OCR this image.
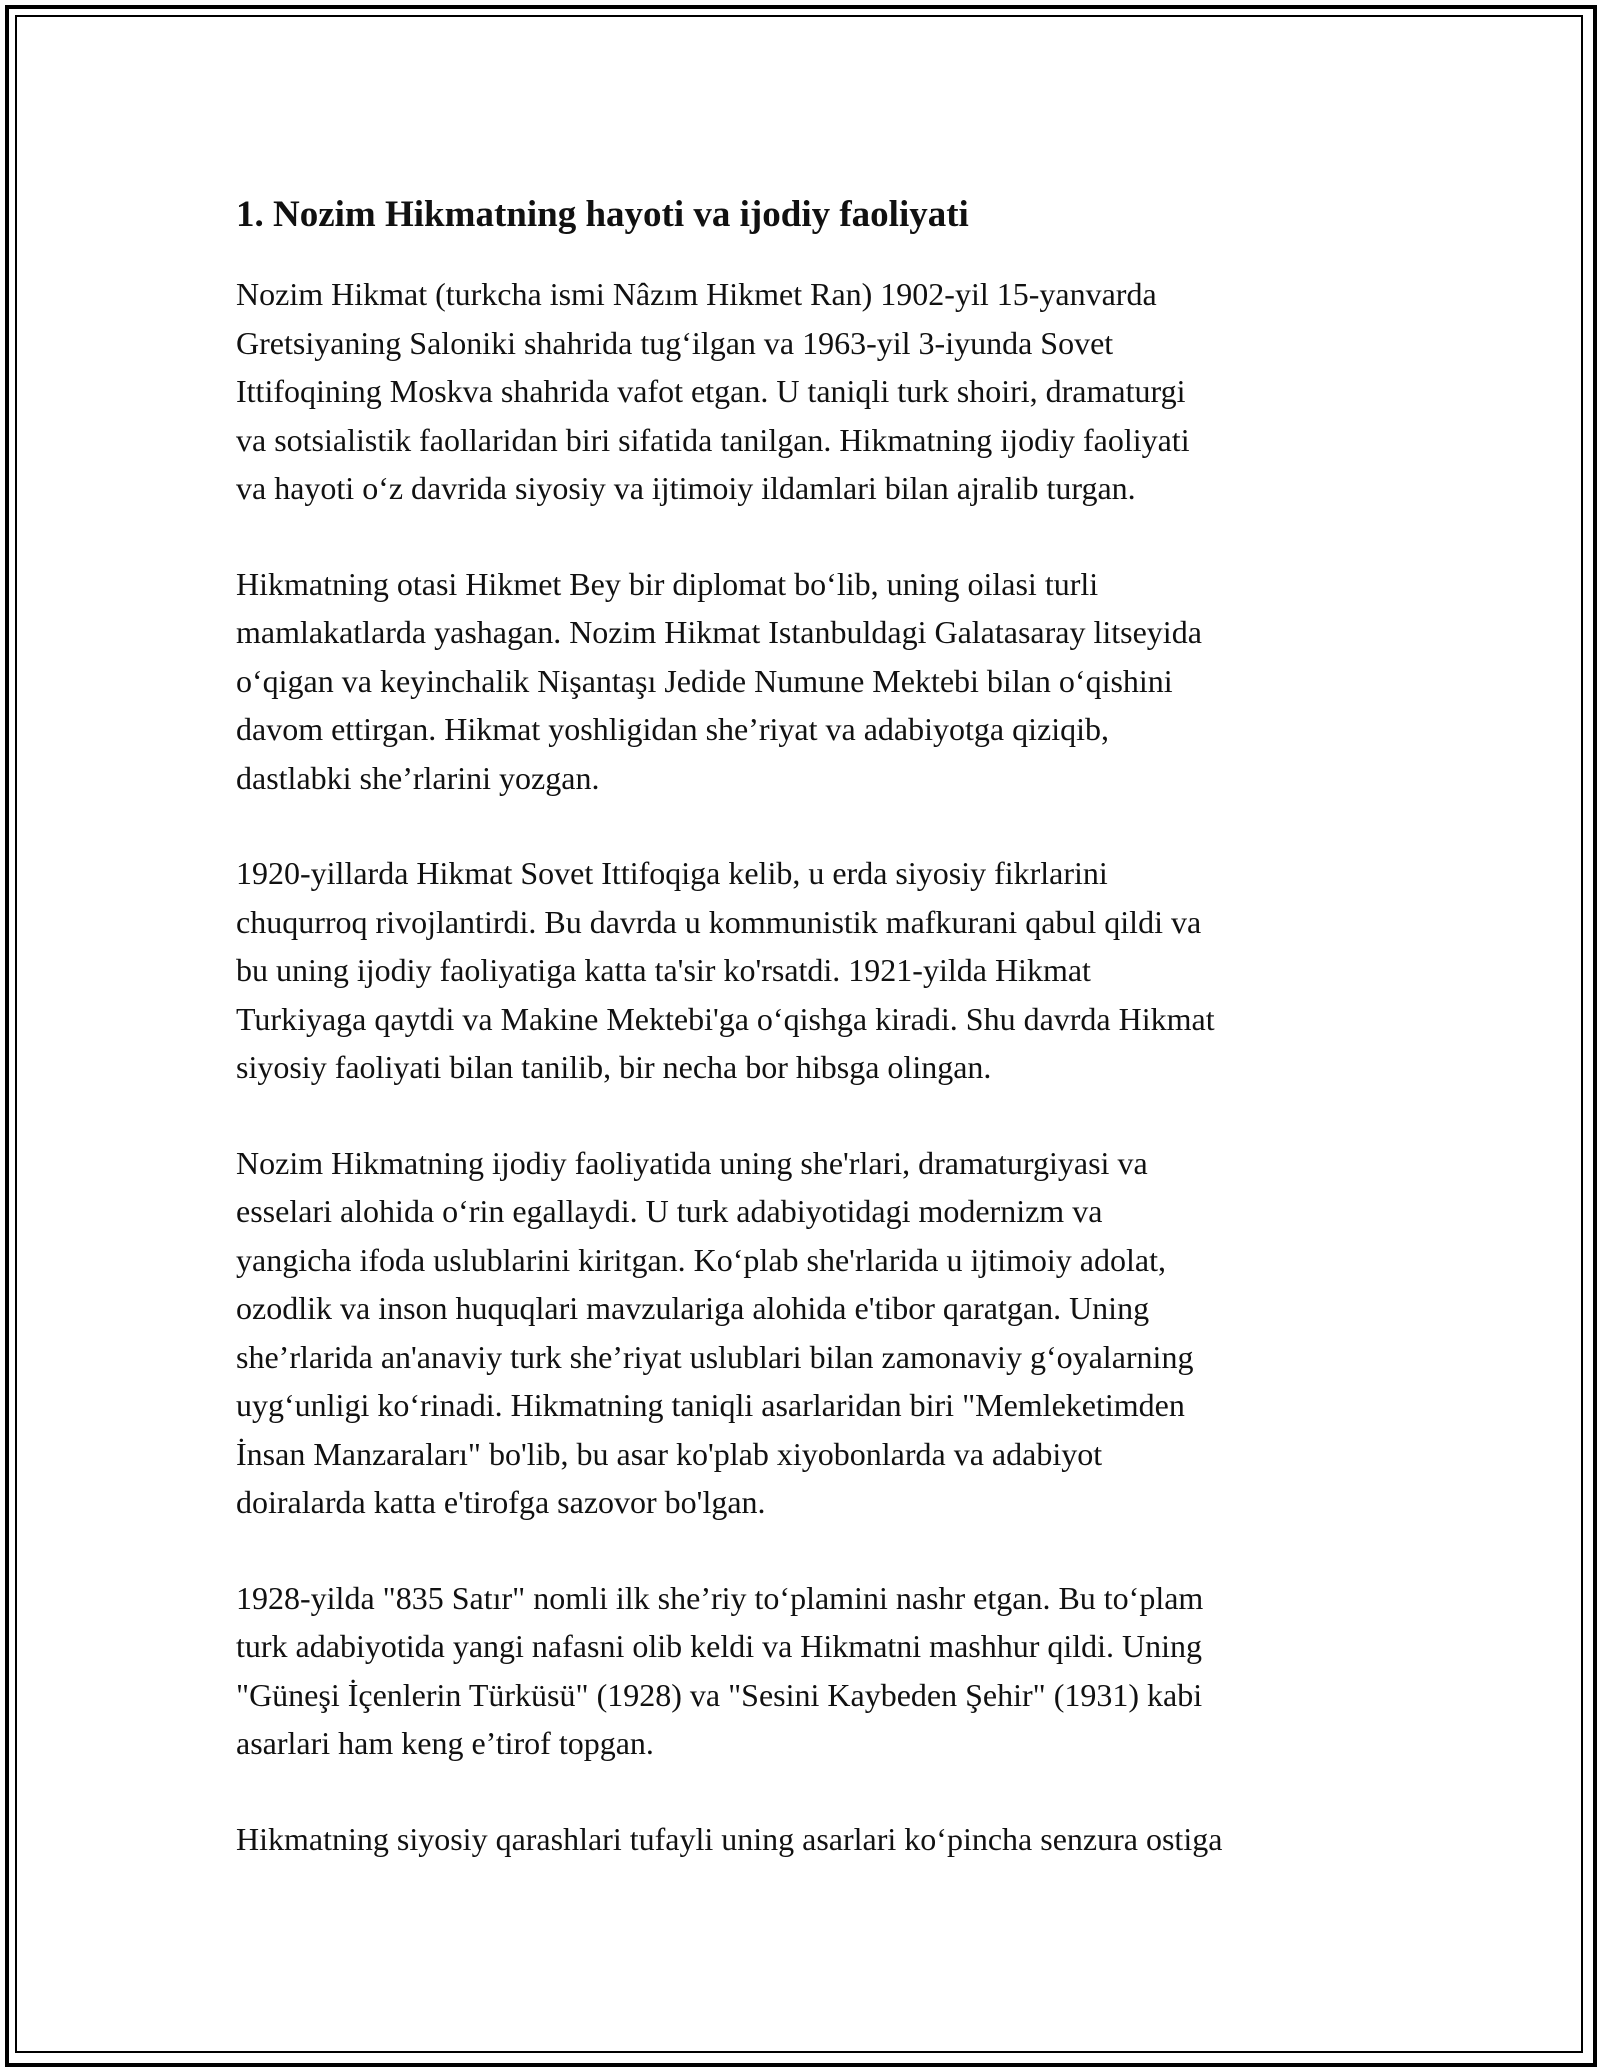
1. Nozim Hikmatning hayoti va ijodiy faoliyati

Nozim Hikmat (turkcha ismi Nâzım Hikmet Ran) 1902-yil 15-yanvarda
Gretsiyaning Saloniki shahrida tug‘ilgan va 1963-yil 3-iyunda Sovet
Ittifoqining Moskva shahrida vafot etgan. U taniqli turk shoiri, dramaturgi
va sotsialistik faollaridan biri sifatida tanilgan. Hikmatning ijodiy faoliyati
va hayoti o‘z davrida siyosiy va ijtimoiy ildamlari bilan ajralib turgan.

Hikmatning otasi Hikmet Bey bir diplomat bo‘lib, uning oilasi turli
mamlakatlarda yashagan. Nozim Hikmat Istanbuldagi Galatasaray litseyida
o‘qigan va keyinchalik Nişantaşı Jedide Numune Mektebi bilan o‘qishini
davom ettirgan. Hikmat yoshligidan she’riyat va adabiyotga qiziqib,
dastlabki she’rlarini yozgan.

1920-yillarda Hikmat Sovet Ittifoqiga kelib, u erda siyosiy fikrlarini
chuqurroq rivojlantirdi. Bu davrda u kommunistik mafkurani qabul qildi va
bu uning ijodiy faoliyatiga katta ta'sir ko'rsatdi. 1921-yilda Hikmat
Turkiyaga qaytdi va Makine Mektebi'ga o‘qishga kiradi. Shu davrda Hikmat
siyosiy faoliyati bilan tanilib, bir necha bor hibsga olingan.

Nozim Hikmatning ijodiy faoliyatida uning she'rlari, dramaturgiyasi va
esselari alohida o‘rin egallaydi. U turk adabiyotidagi modernizm va
yangicha ifoda uslublarini kiritgan. Ko‘plab she'rlarida u ijtimoiy adolat,
ozodlik va inson huquqlari mavzulariga alohida e'tibor qaratgan. Uning
she’rlarida an'anaviy turk she’riyat uslublari bilan zamonaviy g‘oyalarning
uyg‘unligi ko‘rinadi. Hikmatning taniqli asarlaridan biri "Memleketimden
İnsan Manzaraları" bo'lib, bu asar ko'plab xiyobonlarda va adabiyot
doiralarda katta e'tirofga sazovor bo'lgan.

1928-yilda "835 Satır" nomli ilk she’riy to‘plamini nashr etgan. Bu to‘plam
turk adabiyotida yangi nafasni olib keldi va Hikmatni mashhur qildi. Uning
"Güneşi İçenlerin Türküsü" (1928) va "Sesini Kaybeden Şehir" (1931) kabi
asarlari ham keng e’tirof topgan.

Hikmatning siyosiy qarashlari tufayli uning asarlari ko‘pincha senzura ostiga
